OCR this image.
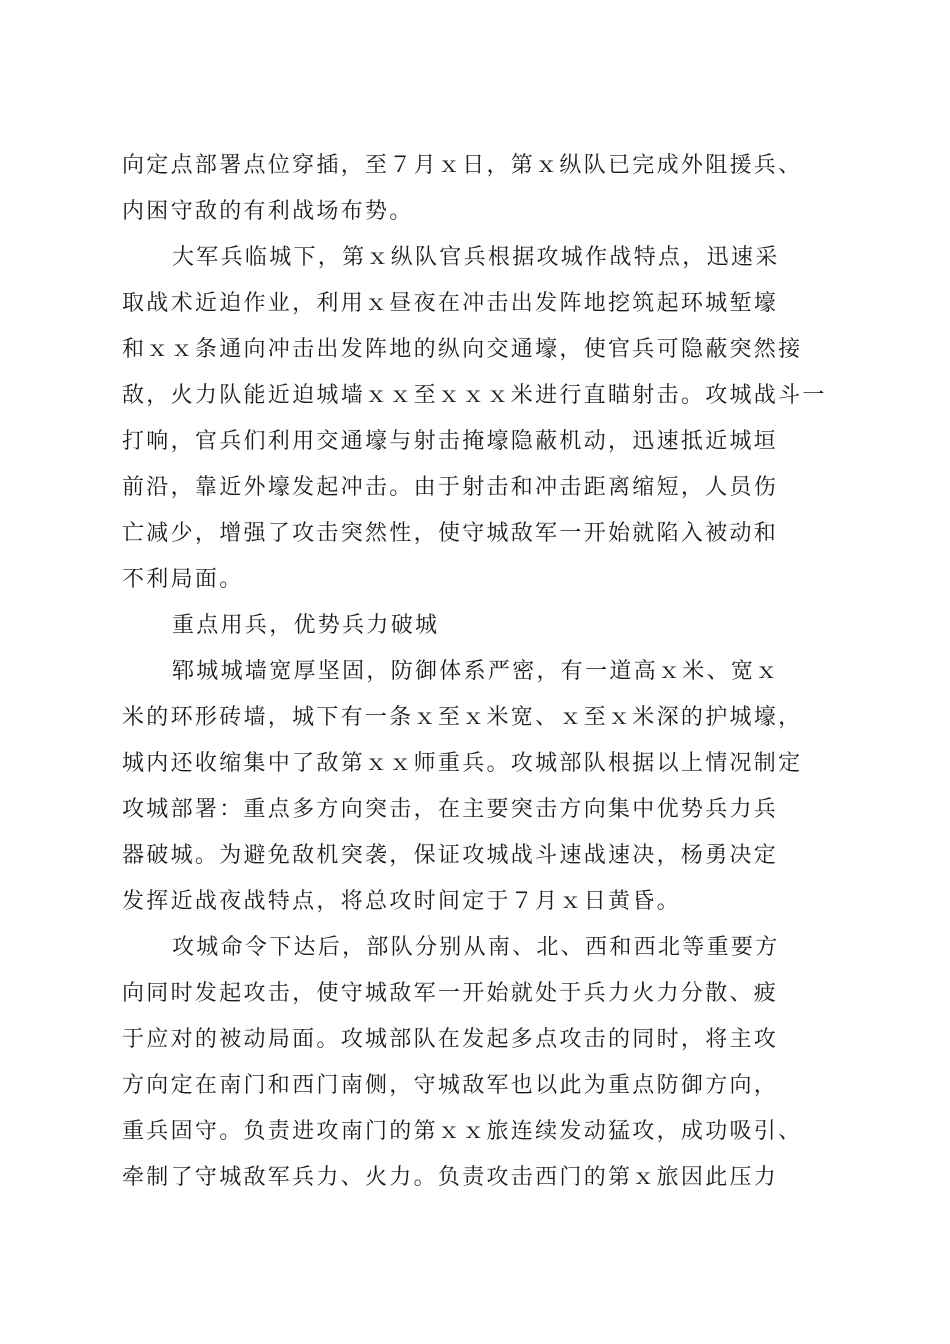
向定点部署点位穿插，至７月ｘ日，第ｘ纵队已完成外阻援兵、
内困守敌的有利战场布势。
大军兵临城下，第ｘ纵队官兵根据攻城作战特点，迅速采
取战术近迫作业，利用ｘ昼夜在冲击出发阵地挖筑起环城堑壕
和ｘｘ条通向冲击出发阵地的纵向交通壕，使官兵可隐蔽突然接
敌，火力队能近迫城墙ｘｘ至ｘｘｘ米进行直瞄射击。攻城战斗一
打响，官兵们利用交通壕与射击掩壕隐蔽机动，迅速抵近城垣
前沿，靠近外壕发起冲击。由于射击和冲击距离缩短，人员伤
亡减少，增强了攻击突然性，使守城敌军一开始就陷入被动和
不利局面。
重点用兵，优势兵力破城
郓城城墙宽厚坚固，防御体系严密，有一道高ｘ米、宽ｘ
米的环形砖墙，城下有一条ｘ至ｘ米宽、ｘ至ｘ米深的护城壕，
城内还收缩集中了敌第ｘｘ师重兵。攻城部队根据以上情况制定
攻城部署：重点多方向突击，在主要突击方向集中优势兵力兵
器破城。为避免敌机突袭，保证攻城战斗速战速决，杨勇决定
发挥近战夜战特点，将总攻时间定于７月ｘ日黄昏。
攻城命令下达后，部队分别从南、北、西和西北等重要方
向同时发起攻击，使守城敌军一开始就处于兵力火力分散、疲
于应对的被动局面。攻城部队在发起多点攻击的同时，将主攻
方向定在南门和西门南侧，守城敌军也以此为重点防御方向，
重兵固守。负责进攻南门的第ｘｘ旅连续发动猛攻，成功吸引、
牵制了守城敌军兵力、火力。负责攻击西门的第ｘ旅因此压力
